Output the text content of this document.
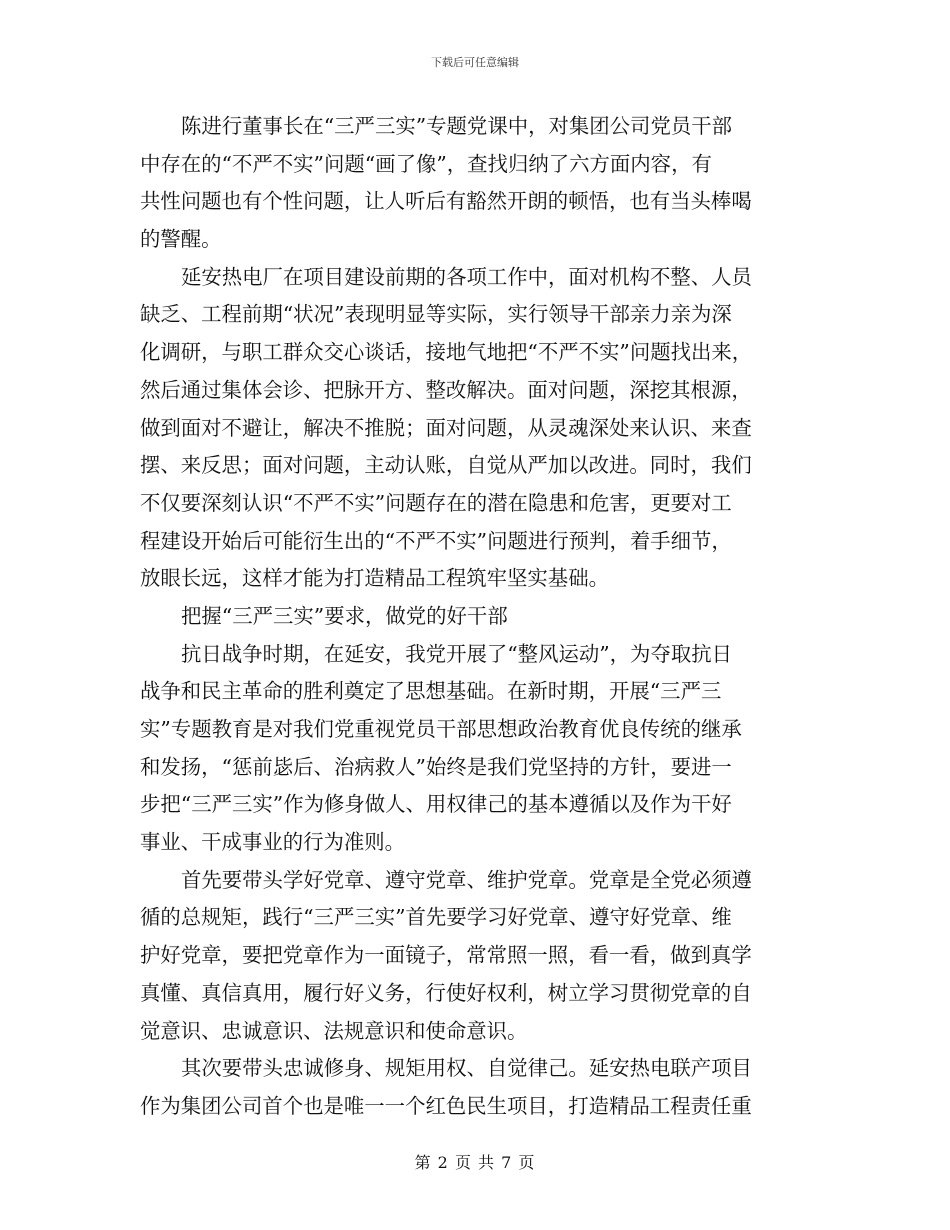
下载后可任意编辑
陈进行董事长在“三严三实”专题党课中，对集团公司党员干部
中存在的“不严不实”问题“画了像”，查找归纳了六方面内容，有
共性问题也有个性问题，让人听后有豁然开朗的顿悟，也有当头棒喝
的警醒。
延安热电厂在项目建设前期的各项工作中，面对机构不整、人员
缺乏、工程前期“状况”表现明显等实际，实行领导干部亲力亲为深
化调研，与职工群众交心谈话，接地气地把“不严不实”问题找出来，
然后通过集体会诊、把脉开方、整改解决。面对问题，深挖其根源，
做到面对不避让，解决不推脱；面对问题，从灵魂深处来认识、来查
摆、来反思；面对问题，主动认账，自觉从严加以改进。同时，我们
不仅要深刻认识“不严不实”问题存在的潜在隐患和危害，更要对工
程建设开始后可能衍生出的“不严不实”问题进行预判，着手细节，
放眼长远，这样才能为打造精品工程筑牢坚实基础。
把握“三严三实”要求，做党的好干部
抗日战争时期，在延安，我党开展了“整风运动”，为夺取抗日
战争和民主革命的胜利奠定了思想基础。在新时期，开展“三严三
实”专题教育是对我们党重视党员干部思想政治教育优良传统的继承
和发扬，“惩前毖后、治病救人”始终是我们党坚持的方针，要进一
步把“三严三实”作为修身做人、用权律己的基本遵循以及作为干好
事业、干成事业的行为准则。
首先要带头学好党章、遵守党章、维护党章。党章是全党必须遵
循的总规矩，践行“三严三实”首先要学习好党章、遵守好党章、维
护好党章，要把党章作为一面镜子，常常照一照，看一看，做到真学
真懂、真信真用，履行好义务，行使好权利，树立学习贯彻党章的自
觉意识、忠诚意识、法规意识和使命意识。
其次要带头忠诚修身、规矩用权、自觉律己。延安热电联产项目
作为集团公司首个也是唯一一个红色民生项目，打造精品工程责任重
第 2 页 共 7 页
